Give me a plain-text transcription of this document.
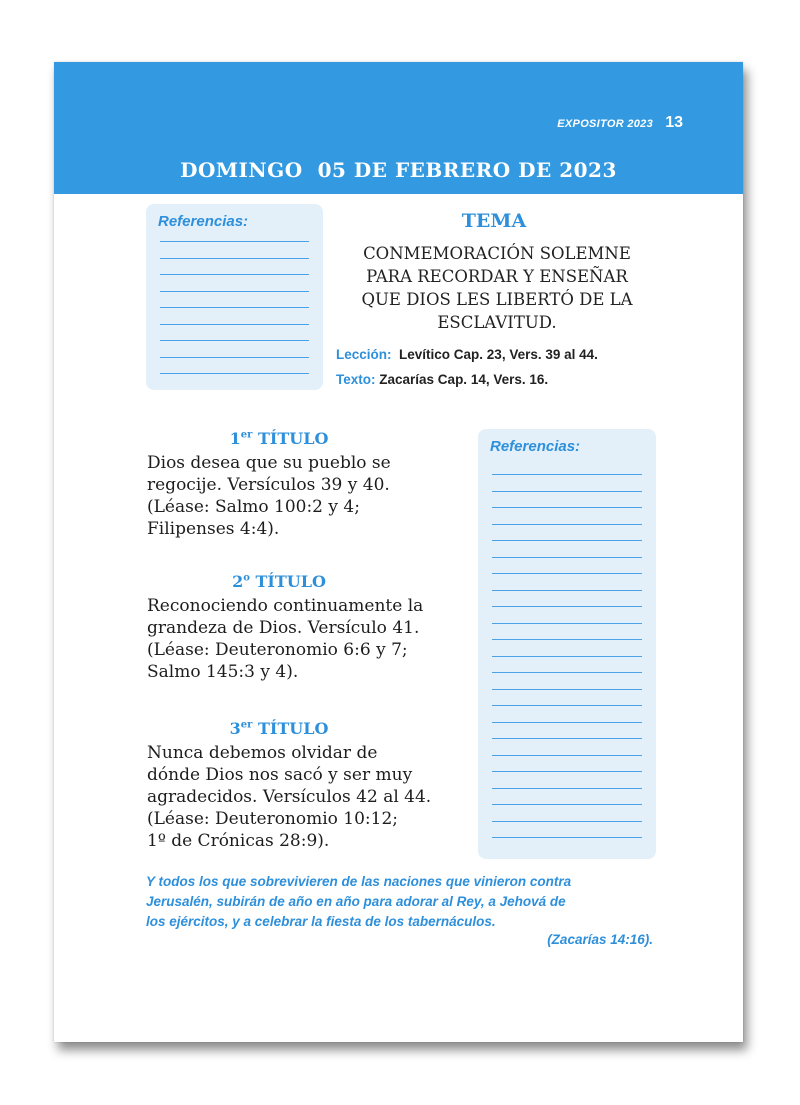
EXPOSITOR 2023 13
DOMINGO  05 DE FEBRERO DE 2023
Referencias:	TEMA
CONMEMORACIÓN SOLEMNE
PARA RECORDAR Y ENSEÑAR
QUE DIOS LES LIBERTÓ DE LA
ESCLAVITUD.
Lección: Levítico Cap. 23, Vers. 39 al 44.
Texto: Zacarías Cap. 14, Vers. 16.
Referencias:
1er TÍTULO
Dios desea que su pueblo se
regocije. Versículos 39 y 40.
(Léase: Salmo 100:2 y 4;
Filipenses 4:4).
2$^o$ TÍTULO
Reconociendo continuamente la
grandeza de Dios. Versículo 41.
(Léase: Deuteronomio 6:6 y 7;
Salmo 145:3 y 4).
3er TÍTULO
Nunca debemos olvidar de
dónde Dios nos sacó y ser muy
agradecidos. Versículos 42 al 44.
(Léase: Deuteronomio 10:12;
1º de Crónicas 28:9).
Y todos los que sobrevivieren de las naciones que vinieron contra
Jerusalén, subirán de año en año para adorar al Rey, a Jehová de
los ejércitos, y a celebrar la fiesta de los tabernáculos.
(Zacarías 14:16).
